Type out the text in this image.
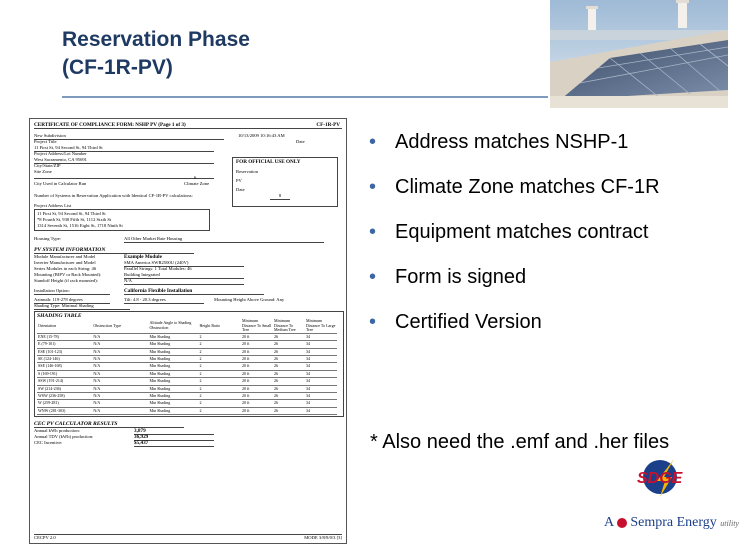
Reservation Phase
(CF-1R-PV)
CERTIFICATE OF COMPLIANCE FORM: NSHP PV (Page 1 of 3)	CF-1R-PV
New Subdivision	10/13/2009 10:16:43 AM
Project Title	Date
11 First St, 94 Second St, 94 Third St
Project Address/Lot Number
West Sacramento, CA 95691
City/State/ZIP
Site Zone
6
City Used in Calculator Run	Climate Zone
FOR OFFICIAL USE ONLY
Reservation
PV
Date
Number of Systems in Reservation Application with Identical CF-1R-PV calculations:	8
Project Address List
11 First St, 94 Second St, 94 Third St
*8 Fourth St, 930 Fifth St, 1112 Sixth St
1314 Seventh St, 1516 Eight St, 1718 Ninth St
Housing Type:	All Other Market Rate Housing
PV SYSTEM INFORMATION
Module Manufacturer and Model	Example Module
Inverter Manufacturer and Model	SMA America SWR2500U (240V)
Series Modules in each String: 46	Parallel Strings: 1 Total Modules: 46
Mounting (BIPV or Rack Mounted):	Building Integrated
Standoff Height (if rack mounted):	N/A
Installation Option:	California Flexible Installation
Azimuth: 119-278 degrees	Tilt: 4.8 - 20.3 degrees	Mounting Height Above Ground: Any
Shading Type: Minimal Shading
SHADING TABLE
Orientation	Obstruction Type	Altitude Angle to Shading Obstruction	Height Ratio	Minimum Distance To Small Tree	Minimum Distance To Medium Tree	Minimum Distance To Large Tree
ENE (15-78)	N/A	Min Shading	2	20 ft	26	34
E (79-101)	N/A	Min Shading	2	20 ft	26	34
ESE (101-123)	N/A	Min Shading	2	20 ft	26	34
SE (124-146)	N/A	Min Shading	2	20 ft	26	34
SSE (146-168)	N/A	Min Shading	2	20 ft	26	34
S (169-191)	N/A	Min Shading	2	20 ft	26	34
SSW (191-214)	N/A	Min Shading	2	20 ft	26	34
SW (214-236)	N/A	Min Shading	2	20 ft	26	34
WSW (236-258)	N/A	Min Shading	2	20 ft	26	34
W (259-281)	N/A	Min Shading	2	20 ft	26	34
WNW (281-303)	N/A	Min Shading	2	20 ft	26	34
CEC PV CALCULATOR RESULTS
Annual kWh production:	3,879
Annual TDV (kWh) production:	36,929
CEC Incentive:	$5,437
CECPV 2.0	MODE 3/8/9/0/3 [3]
• Address matches NSHP-1
• Climate Zone matches CF-1R
• Equipment matches contract
• Form is signed
• Certified Version
* Also need the .emf and .her files
SDGE
A Sempra Energy utility
